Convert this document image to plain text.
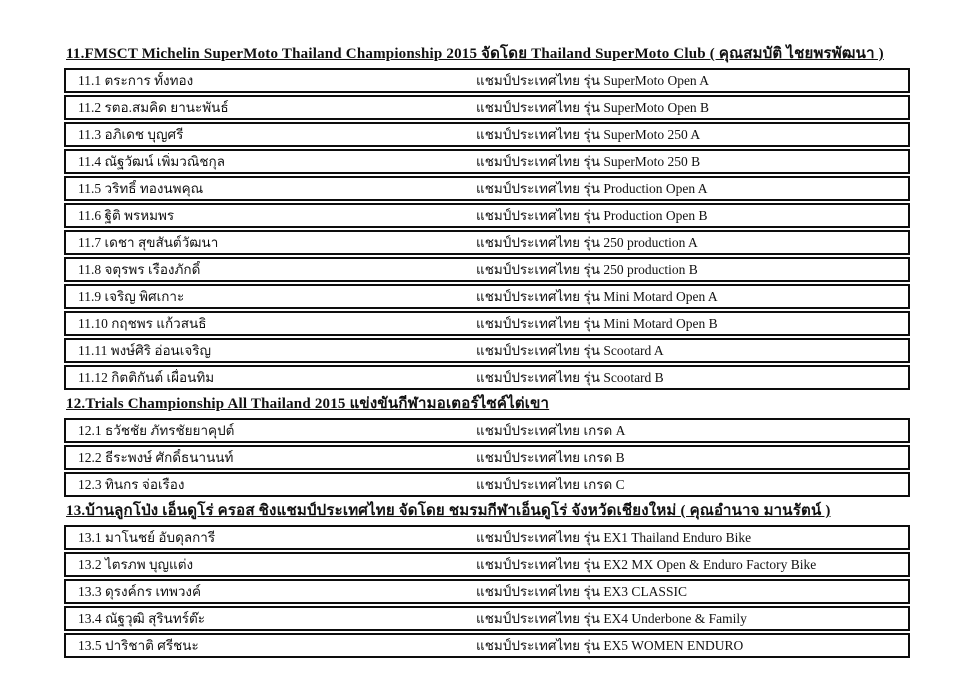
11.FMSCT Michelin SuperMoto Thailand Championship 2015 จัดโดย Thailand SuperMoto Club ( คุณสมบัติ ไชยพรพัฒนา )
11.1 ตระการ ทั้งทอง	แชมป์ประเทศไทย รุ่น SuperMoto Open A
11.2 รตอ.สมคิด ยานะพันธ์	แชมป์ประเทศไทย รุ่น SuperMoto Open B
11.3 อภิเดช บุญศรี	แชมป์ประเทศไทย รุ่น SuperMoto 250 A
11.4 ณัฐวัฒน์ เพิ่มวณิชกุล	แชมป์ประเทศไทย รุ่น SuperMoto 250 B
11.5 วริทธิ์ ทองนพคุณ	แชมป์ประเทศไทย รุ่น Production Open A
11.6 ฐิติ พรหมพร	แชมป์ประเทศไทย รุ่น Production Open B
11.7 เดชา สุขสันต์วัฒนา	แชมป์ประเทศไทย รุ่น 250 production A
11.8 จตุรพร เรืองภักดิ์	แชมป์ประเทศไทย รุ่น 250 production B
11.9 เจริญ พิศเกาะ	แชมป์ประเทศไทย รุ่น Mini Motard Open A
11.10 กฤชพร แก้วสนธิ	แชมป์ประเทศไทย รุ่น Mini Motard Open B
11.11 พงษ์ศิริ อ่อนเจริญ	แชมป์ประเทศไทย รุ่น Scootard A
11.12 กิตติกันต์ เผื่อนทิม	แชมป์ประเทศไทย รุ่น Scootard B
12.Trials Championship All Thailand 2015 แข่งขันกีฬามอเตอร์ไซค์ไต่เขา
12.1 ธวัชชัย ภัทรชัยยาคุปต์	แชมป์ประเทศไทย เกรด A
12.2 ธีระพงษ์ ศักดิ์ธนานนท์	แชมป์ประเทศไทย เกรด B
12.3 ทินกร จ่อเรือง	แชมป์ประเทศไทย เกรด C
13.บ้านลูกโป่ง เอ็นดูโร่ ครอส ชิงแชมป์ประเทศไทย จัดโดย ชมรมกีฬาเอ็นดูโร่ จังหวัดเชียงใหม่ ( คุณอำนาจ มานรัตน์ )
13.1 มาโนชย์ อับดุลการี	แชมป์ประเทศไทย รุ่น EX1 Thailand Enduro Bike
13.2 ไตรภพ บุญแต่ง	แชมป์ประเทศไทย รุ่น EX2 MX Open & Enduro Factory Bike
13.3 ดุรงค์กร เทพวงค์	แชมป์ประเทศไทย รุ่น EX3 CLASSIC
13.4 ณัฐวุฒิ สุรินทร์ต๊ะ	แชมป์ประเทศไทย รุ่น EX4 Underbone & Family
13.5 ปาริชาติ ศรีชนะ	แชมป์ประเทศไทย รุ่น EX5 WOMEN ENDURO
